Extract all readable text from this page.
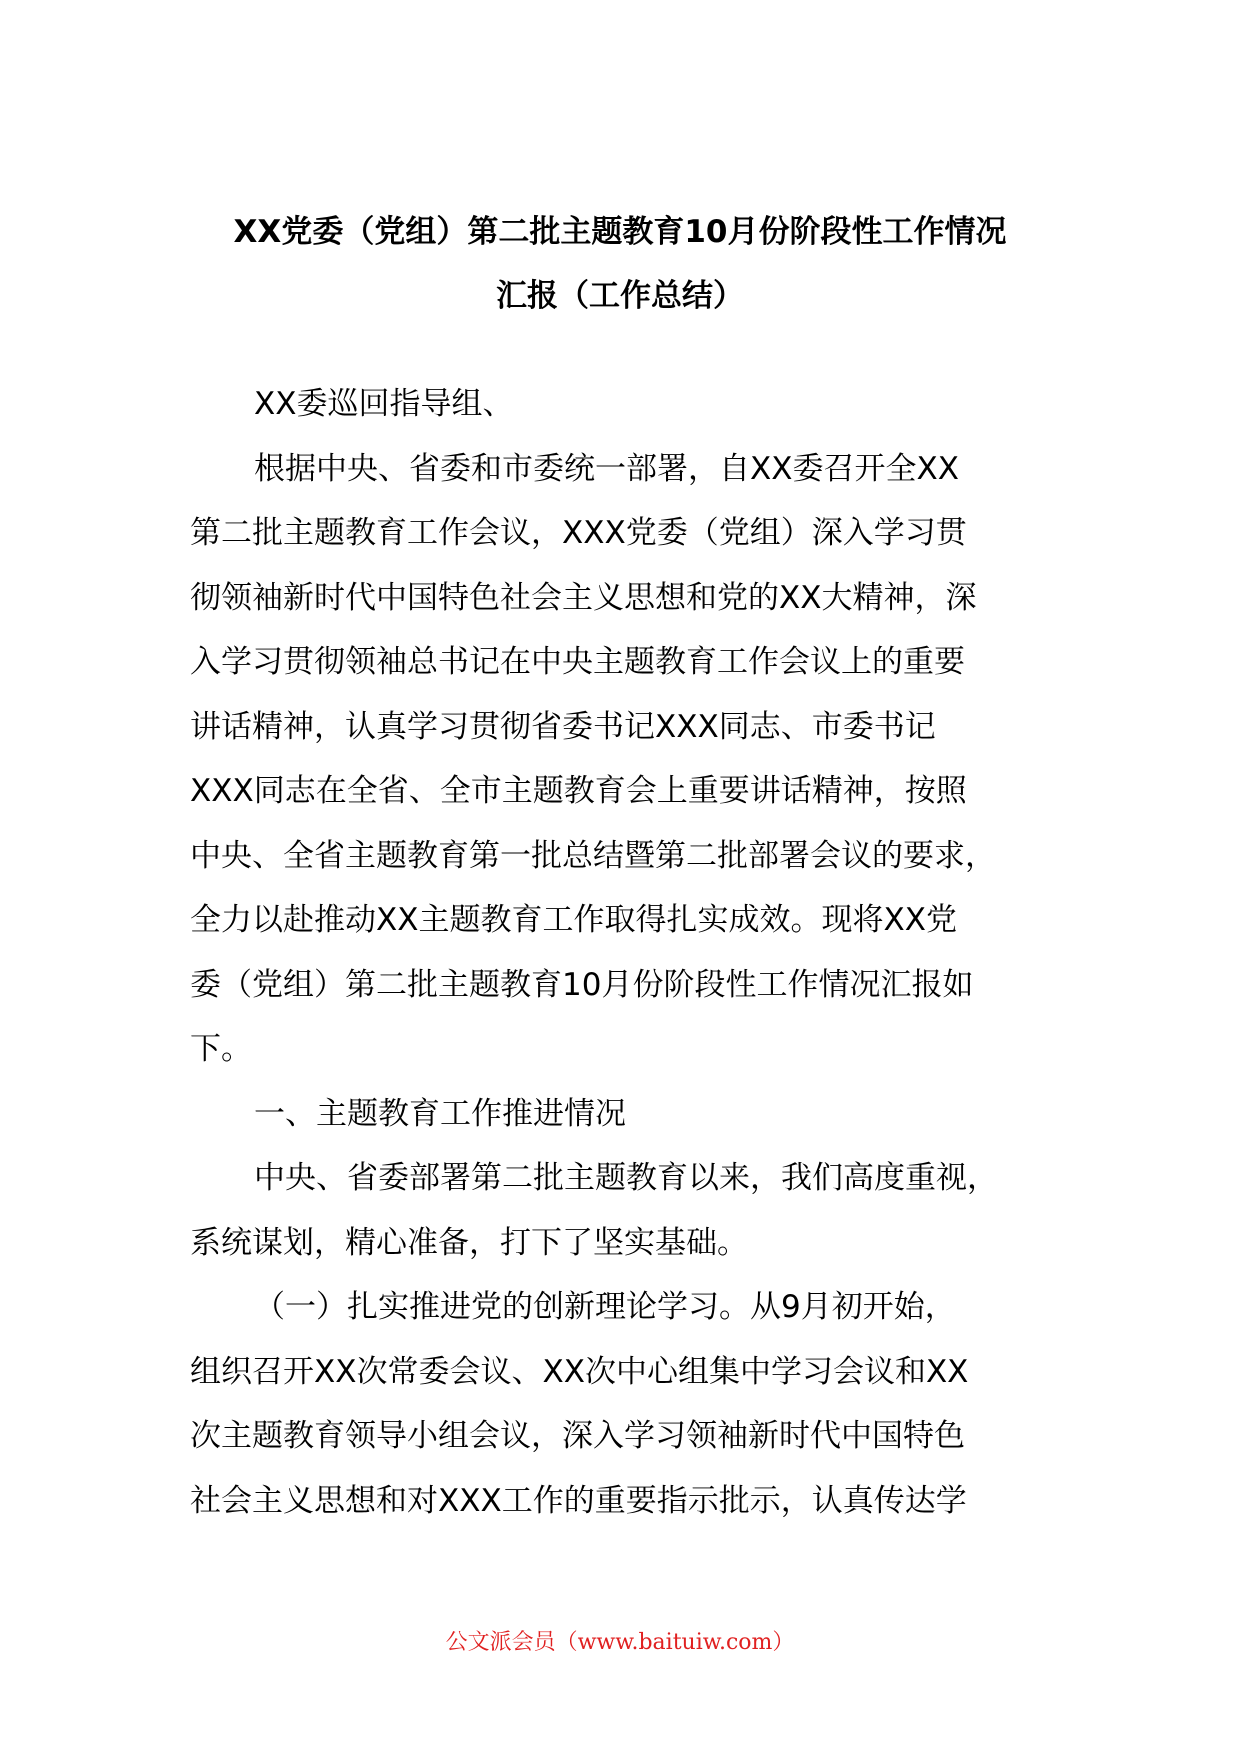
XX党委（党组）第二批主题教育10月份阶段性工作情况
汇报（工作总结）
XX委巡回指导组、
根据中央、省委和市委统一部署，自XX委召开全XX
第二批主题教育工作会议，XXX党委（党组）深入学习贯
彻领袖新时代中国特色社会主义思想和党的XX大精神，深
入学习贯彻领袖总书记在中央主题教育工作会议上的重要
讲话精神，认真学习贯彻省委书记XXX同志、市委书记
XXX同志在全省、全市主题教育会上重要讲话精神，按照
中央、全省主题教育第一批总结暨第二批部署会议的要求，
全力以赴推动XX主题教育工作取得扎实成效。现将XX党
委（党组）第二批主题教育10月份阶段性工作情况汇报如
下。
一、主题教育工作推进情况
中央、省委部署第二批主题教育以来，我们高度重视，
系统谋划，精心准备，打下了坚实基础。
（一）扎实推进党的创新理论学习。从9月初开始，
组织召开XX次常委会议、XX次中心组集中学习会议和XX
次主题教育领导小组会议，深入学习领袖新时代中国特色
社会主义思想和对XXX工作的重要指示批示，认真传达学
公文派会员（www.baituiw.com）
